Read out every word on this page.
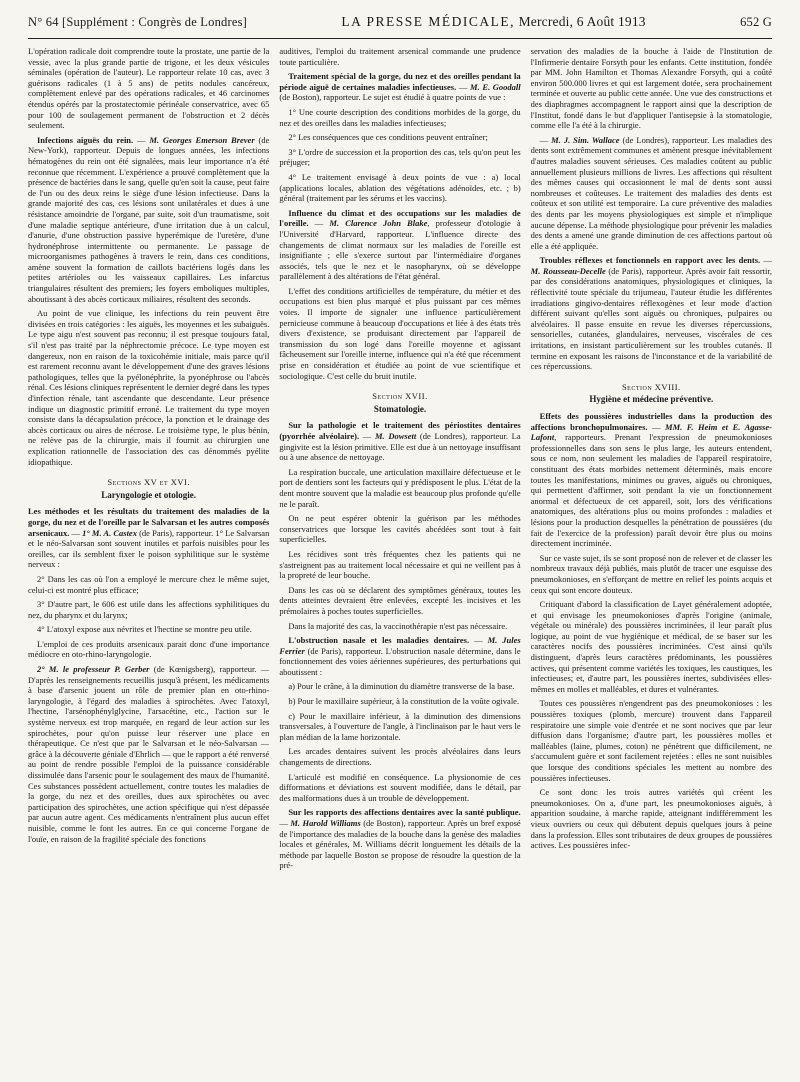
N° 64 [Supplément : Congrès de Londres]	LA PRESSE MÉDICALE, Mercredi, 6 Août 1913	652 G

L'opération radicale doit comprendre toute la prostate, une partie de la vessie, avec la plus grande partie de trigone, et les deux vésicules séminales (opération de l'auteur). Le rapporteur relate 10 cas, avec 3 guérisons radicales (1 à 5 ans) de petits nodules cancéreux, complètement enlevé par des opérations radicales, et 46 carcinomes étendus opérés par la prostatectomie périnéale conservatrice, avec 65 pour 100 de soulagement permanent de l'obstruction et 2 décès seulement.

Infections aiguës du rein. — M. Georges Emerson Brever (de New-York), rapporteur. Depuis de longues années, les infections hématogènes du rein ont été signalées, mais leur importance n'a été reconnue que récemment. L'expérience a prouvé complètement que la présence de bactéries dans le sang, quelle qu'en soit la cause, peut faire de l'un ou des deux reins le siège d'une lésion infectieuse. Dans la grande majorité des cas, ces lésions sont unilatérales et dues à une résistance amoindrie de l'organe, par suite, soit d'un traumatisme, soit d'une maladie septique antérieure, d'une irritation due à un calcul, d'anurie, d'une obstruction passive hyperémique de l'uretère, d'une hydronéphrose intermittente ou permanente. Le passage de microorganismes pathogènes à travers le rein, dans ces conditions, amène souvent la formation de caillots bactériens logés dans les petites artérioles ou les vaisseaux capillaires. Les infarctus triangulaires résultent des premiers; les foyers emboliques multiples, aboutissant à des abcès corticaux miliaires, résultent des seconds.

Au point de vue clinique, les infections du rein peuvent être divisées en trois catégories : les aiguës, les moyennes et les subaiguës. Le type aigu n'est souvent pas reconnu; il est presque toujours fatal, s'il n'est pas traité par la néphrectomie précoce. Le type moyen est dangereux, non en raison de la toxicohémie initiale, mais parce qu'il est rarement reconnu avant le développement d'une des graves lésions pathologiques, telles que la pyélonéphrite, la pyonéphrose ou l'abcès rénal. Ces lésions cliniques représentent le dernier degré dans les types d'infection rénale, tant ascendante que descendante. Leur présence indique un diagnostic primitif erroné. Le traitement du type moyen consiste dans la décapsulation précoce, la ponction et le drainage des abcès corticaux ou aires de nécrose. Le troisième type, le plus bénin, ne relève pas de la chirurgie, mais il fournit au chirurgien une explication rationnelle de l'association des cas dénommés pyélite idiopathique.

Sections XV et XVI.
Laryngologie et otologie.

Les méthodes et les résultats du traitement des maladies de la gorge, du nez et de l'oreille par le Salvarsan et les autres composés arsenicaux. — 1° M. A. Castex (de Paris), rapporteur. 1° Le Salvarsan et le néo-Salvarsan sont souvent inutiles et parfois nuisibles pour les oreilles, car ils semblent fixer le poison syphilitique sur le système nerveux :

2° Dans les cas où l'on a employé le mercure chez le même sujet, celui-ci est montré plus efficace;

3° D'autre part, le 606 est utile dans les affections syphilitiques du nez, du pharynx et du larynx;

4° L'atoxyl expose aux névrites et l'hectine se montre peu utile.

L'emploi de ces produits arsenicaux parait donc d'une importance médiocre en oto-rhino-laryngologie.

2° M. le professeur P. Gerber (de Kœnigsberg), rapporteur. — D'après les renseignements recueillis jusqu'à présent, les médicaments à base d'arsenic jouent un rôle de premier plan en oto-rhino-laryngologie, à l'égard des maladies à spirochètes. Avec l'atoxyl, l'hectine, l'arsénophénylglycine, l'arsacétine, etc., l'action sur le système nerveux est trop marquée, en regard de leur action sur les spirochètes, pour qu'on puisse leur réserver une place en thérapeutique. Ce n'est que par le Salvarsan et le néo-Salvarsan — grâce à la découverte géniale d'Ehrlich — que le rapport a été renversé au point de rendre possible l'emploi de la puissance considérable dissimulée dans l'arsenic pour le soulagement des maux de l'humanité. Ces substances possèdent actuellement, contre toutes les maladies de la gorge, du nez et des oreilles, dues aux spirochètes ou avec participation des spirochètes, une action spécifique qui n'est dépassée par aucun autre agent. Ces médicaments n'entraînent plus aucun effet nuisible, comme le font les autres. En ce qui concerne l'organe de l'ouïe, en raison de la fragilité spéciale des fonctions

auditives, l'emploi du traitement arsenical commande une prudence toute particulière.

Traitement spécial de la gorge, du nez et des oreilles pendant la période aiguë de certaines maladies infectieuses. — M. E. Goodall (de Boston), rapporteur. Le sujet est étudié à quatre points de vue :

1° Une courte description des conditions morbides de la gorge, du nez et des oreilles dans les maladies infectieuses;

2° Les conséquences que ces conditions peuvent entraîner;

3° L'ordre de succession et la proportion des cas, tels qu'on peut les préjuger;

4° Le traitement envisagé à deux points de vue : a) local (applications locales, ablation des végétations adénoïdes, etc. ; b) général (traitement par les sérums et les vaccins).

Influence du climat et des occupations sur les maladies de l'oreille. — M. Clarence John Blake, professeur d'otologie à l'Université d'Harvard, rapporteur. L'influence directe des changements de climat normaux sur les maladies de l'oreille est insignifiante ; elle s'exerce surtout par l'intermédiaire d'organes associés, tels que le nez et le nasopharynx, où se développe parallèlement à des altérations de l'état général.

L'effet des conditions artificielles de température, du métier et des occupations est bien plus marqué et plus puissant par ces mêmes voies. Il importe de signaler une influence particulièrement pernicieuse commune à beaucoup d'occupations et liée à des états très divers d'existence, se produisant directement par l'appareil de transmission du son logé dans l'oreille moyenne et agissant fâcheusement sur l'oreille interne, influence qui n'a été que récemment prise en considération et étudiée au point de vue scientifique et sociologique. C'est celle du bruit inutile.

Section XVII.
Stomatologie.

Sur la pathologie et le traitement des périostites dentaires (pyorrhée alvéolaire). — M. Dowsett (de Londres), rapporteur. La gingivite est la lésion primitive. Elle est due à un nettoyage insuffisant ou à une absence de nettoyage.

La respiration buccale, une articulation maxillaire défectueuse et le port de dentiers sont les facteurs qui y prédisposent le plus. L'état de la dent montre souvent que la maladie est beaucoup plus profonde qu'elle ne le paraît.

On ne peut espérer obtenir la guérison par les méthodes conservatrices que lorsque les cavités abcédées sont tout à fait superficielles.

Les récidives sont très fréquentes chez les patients qui ne s'astreignent pas au traitement local nécessaire et qui ne veillent pas à la propreté de leur bouche.

Dans les cas où se déclarent des symptômes généraux, toutes les dents atteintes devraient être enlevées, excepté les incisives et les prémolaires à poches toutes superficielles.

Dans la majorité des cas, la vaccinothérapie n'est pas nécessaire.

L'obstruction nasale et les maladies dentaires. — M. Jules Ferrier (de Paris), rapporteur. L'obstruction nasale détermine, dans le fonctionnement des voies aériennes supérieures, des perturbations qui aboutissent :

a) Pour le crâne, à la diminution du diamètre transverse de la base.

b) Pour le maxillaire supérieur, à la constitution de la voûte ogivale.

c) Pour le maxillaire inférieur, à la diminution des dimensions transversales, à l'ouverture de l'angle, à l'inclinaison par le haut vers le plan médian de la lame horizontale.

Les arcades dentaires suivent les procès alvéolaires dans leurs changements de directions.

L'articulé est modifié en conséquence. La physionomie de ces difformations et déviations est souvent modifiée, dans le détail, par des malformations dues à un trouble de développement.

Sur les rapports des affections dentaires avec la santé publique. — M. Harold Williams (de Boston), rapporteur. Après un bref exposé de l'importance des maladies de la bouche dans la genèse des maladies locales et générales, M. Williams décrit longuement les détails de la méthode par laquelle Boston se propose de résoudre la question de la pré-

servation des maladies de la bouche à l'aide de l'Institution de l'Infirmerie dentaire Forsyth pour les enfants. Cette institution, fondée par MM. John Hamilton et Thomas Alexandre Forsyth, qui a coûté environ 500.000 livres et qui est largement dotée, sera prochainement terminée et ouverte au public cette année. Une vue des constructions et des diaphragmes accompagnent le rapport ainsi que la description de l'Institut, fondé dans le but d'appliquer l'antisepsie à la stomatologie, comme elle l'a été à la chirurgie.

— M. J. Sim. Wallace (de Londres), rapporteur. Les maladies des dents sont extrêmement communes et amènent presque inévitablement d'autres maladies souvent sérieuses. Ces maladies coûtent au public annuellement plusieurs millions de livres. Les affections qui résultent des mêmes causes qui occasionnent le mal de dents sont aussi nombreuses et coûteuses. Le traitement des maladies des dents est coûteux et son utilité est temporaire. La cure préventive des maladies des dents par les moyens physiologiques est simple et n'implique aucune dépense. La méthode physiologique pour prévenir les maladies des dents a amené une grande diminution de ces affections partout où elle a été appliquée.

Troubles réflexes et fonctionnels en rapport avec les dents. — M. Rousseau-Decelle (de Paris), rapporteur. Après avoir fait ressortir, par des considérations anatomiques, physiologiques et cliniques, la réflectivité toute spéciale du trijumeau, l'auteur étudie les différentes irradiations gingivo-dentaires réflexogènes et leur mode d'action différent suivant qu'elles sont aiguës ou chroniques, pulpaires ou alvéolaires. Il passe ensuite en revue les diverses répercussions, sensorielles, cutanées, glandulaires, nerveuses, viscérales de ces irritations, en insistant particulièrement sur les troubles cutanés. Il termine en exposant les raisons de l'inconstance et de la variabilité de ces répercussions.

Section XVIII.
Hygiène et médecine préventive.

Effets des poussières industrielles dans la production des affections bronchopulmonaires. — MM. F. Heim et E. Agasse-Lafont, rapporteurs. Prenant l'expression de pneumokonioses professionnelles dans son sens le plus large, les auteurs entendent, sous ce nom, non seulement les maladies de l'appareil respiratoire, constituant des états morbides nettement déterminés, mais encore toutes les manifestations, minimes ou graves, aiguës ou chroniques, qui permettent d'affirmer, soit pendant la vie un fonctionnement anormal et défectueux de cet appareil, soit, lors des vérifications anatomiques, des altérations plus ou moins profondes : maladies et lésions pour la production desquelles la pénétration de poussières (du fait de l'exercice de la profession) paraît devoir être plus ou moins directement incriminée.

Sur ce vaste sujet, ils se sont proposé non de relever et de classer les nombreux travaux déjà publiés, mais plutôt de tracer une esquisse des pneumokonioses, en s'efforçant de mettre en relief les points acquis et ceux qui sont encore douteux.

Critiquant d'abord la classification de Layet généralement adoptée, et qui envisage les pneumokonioses d'après l'origine (animale, végétale ou minérale) des poussières incriminées, il leur paraît plus logique, au point de vue hygiénique et médical, de se baser sur les caractères nocifs des poussières incriminées. C'est ainsi qu'ils distinguent, d'après leurs caractères prédominants, les poussières actives, qui présentent comme variétés les toxiques, les caustiques, les infectieuses; et, d'autre part, les poussières inertes, subdivisées elles-mêmes en molles et malléables, et dures et vulnérantes.

Toutes ces poussières n'engendrent pas des pneumokonioses : les poussières toxiques (plomb, mercure) trouvent dans l'appareil respiratoire une simple voie d'entrée et ne sont nocives que par leur diffusion dans l'organisme; d'autre part, les poussières molles et malléables (laine, plumes, coton) ne pénètrent que difficilement, ne s'accumulent guère et sont facilement rejetées : elles ne sont nuisibles que lorsque des conditions spéciales les mettent au nombre des poussières infectieuses.

Ce sont donc les trois autres variétés qui créent les pneumokonioses. On a, d'une part, les pneumokonioses aiguës, à apparition soudaine, à marche rapide, atteignant indifféremment les vieux ouvriers ou ceux qui débutent depuis quelques jours à peine dans la profession. Elles sont tributaires de deux groupes de poussières actives. Les poussières infec-
